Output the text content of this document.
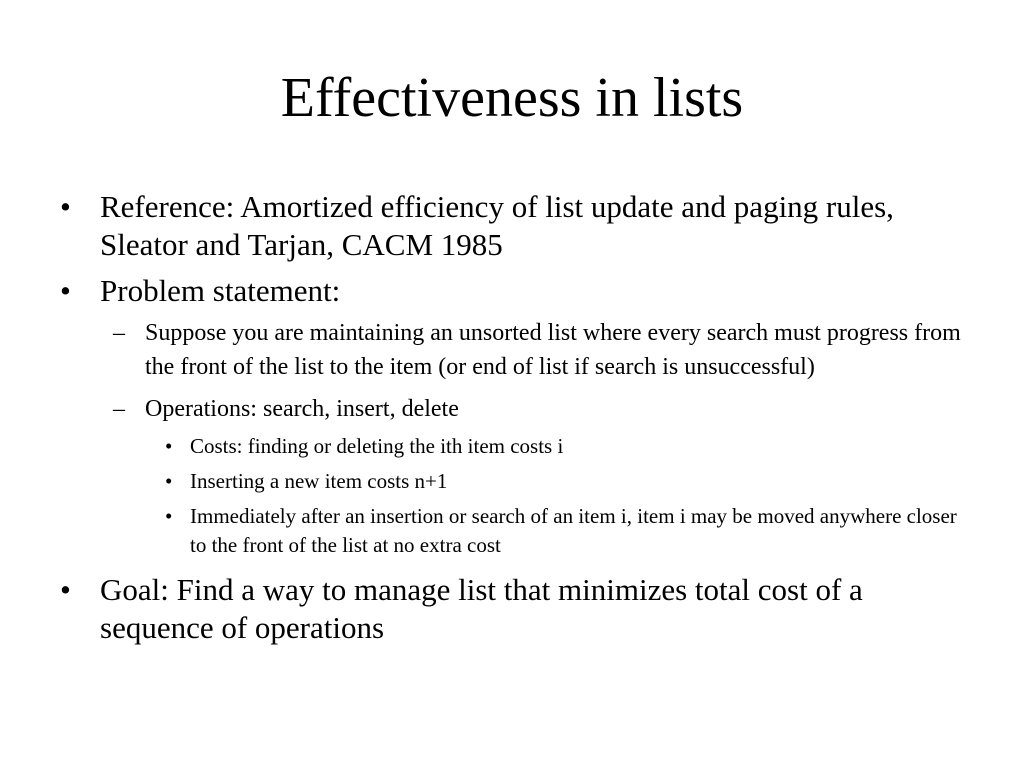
Effectiveness in lists
• Reference: Amortized efficiency of list update and paging rules, Sleator and Tarjan, CACM 1985
• Problem statement:
– Suppose you are maintaining an unsorted list where every search must progress from the front of the list to the item (or end of list if search is unsuccessful)
– Operations: search, insert, delete
• Costs: finding or deleting the ith item costs i
• Inserting a new item costs n+1
• Immediately after an insertion or search of an item i, item i may be moved anywhere closer to the front of the list at no extra cost
• Goal: Find a way to manage list that minimizes total cost of a sequence of operations
